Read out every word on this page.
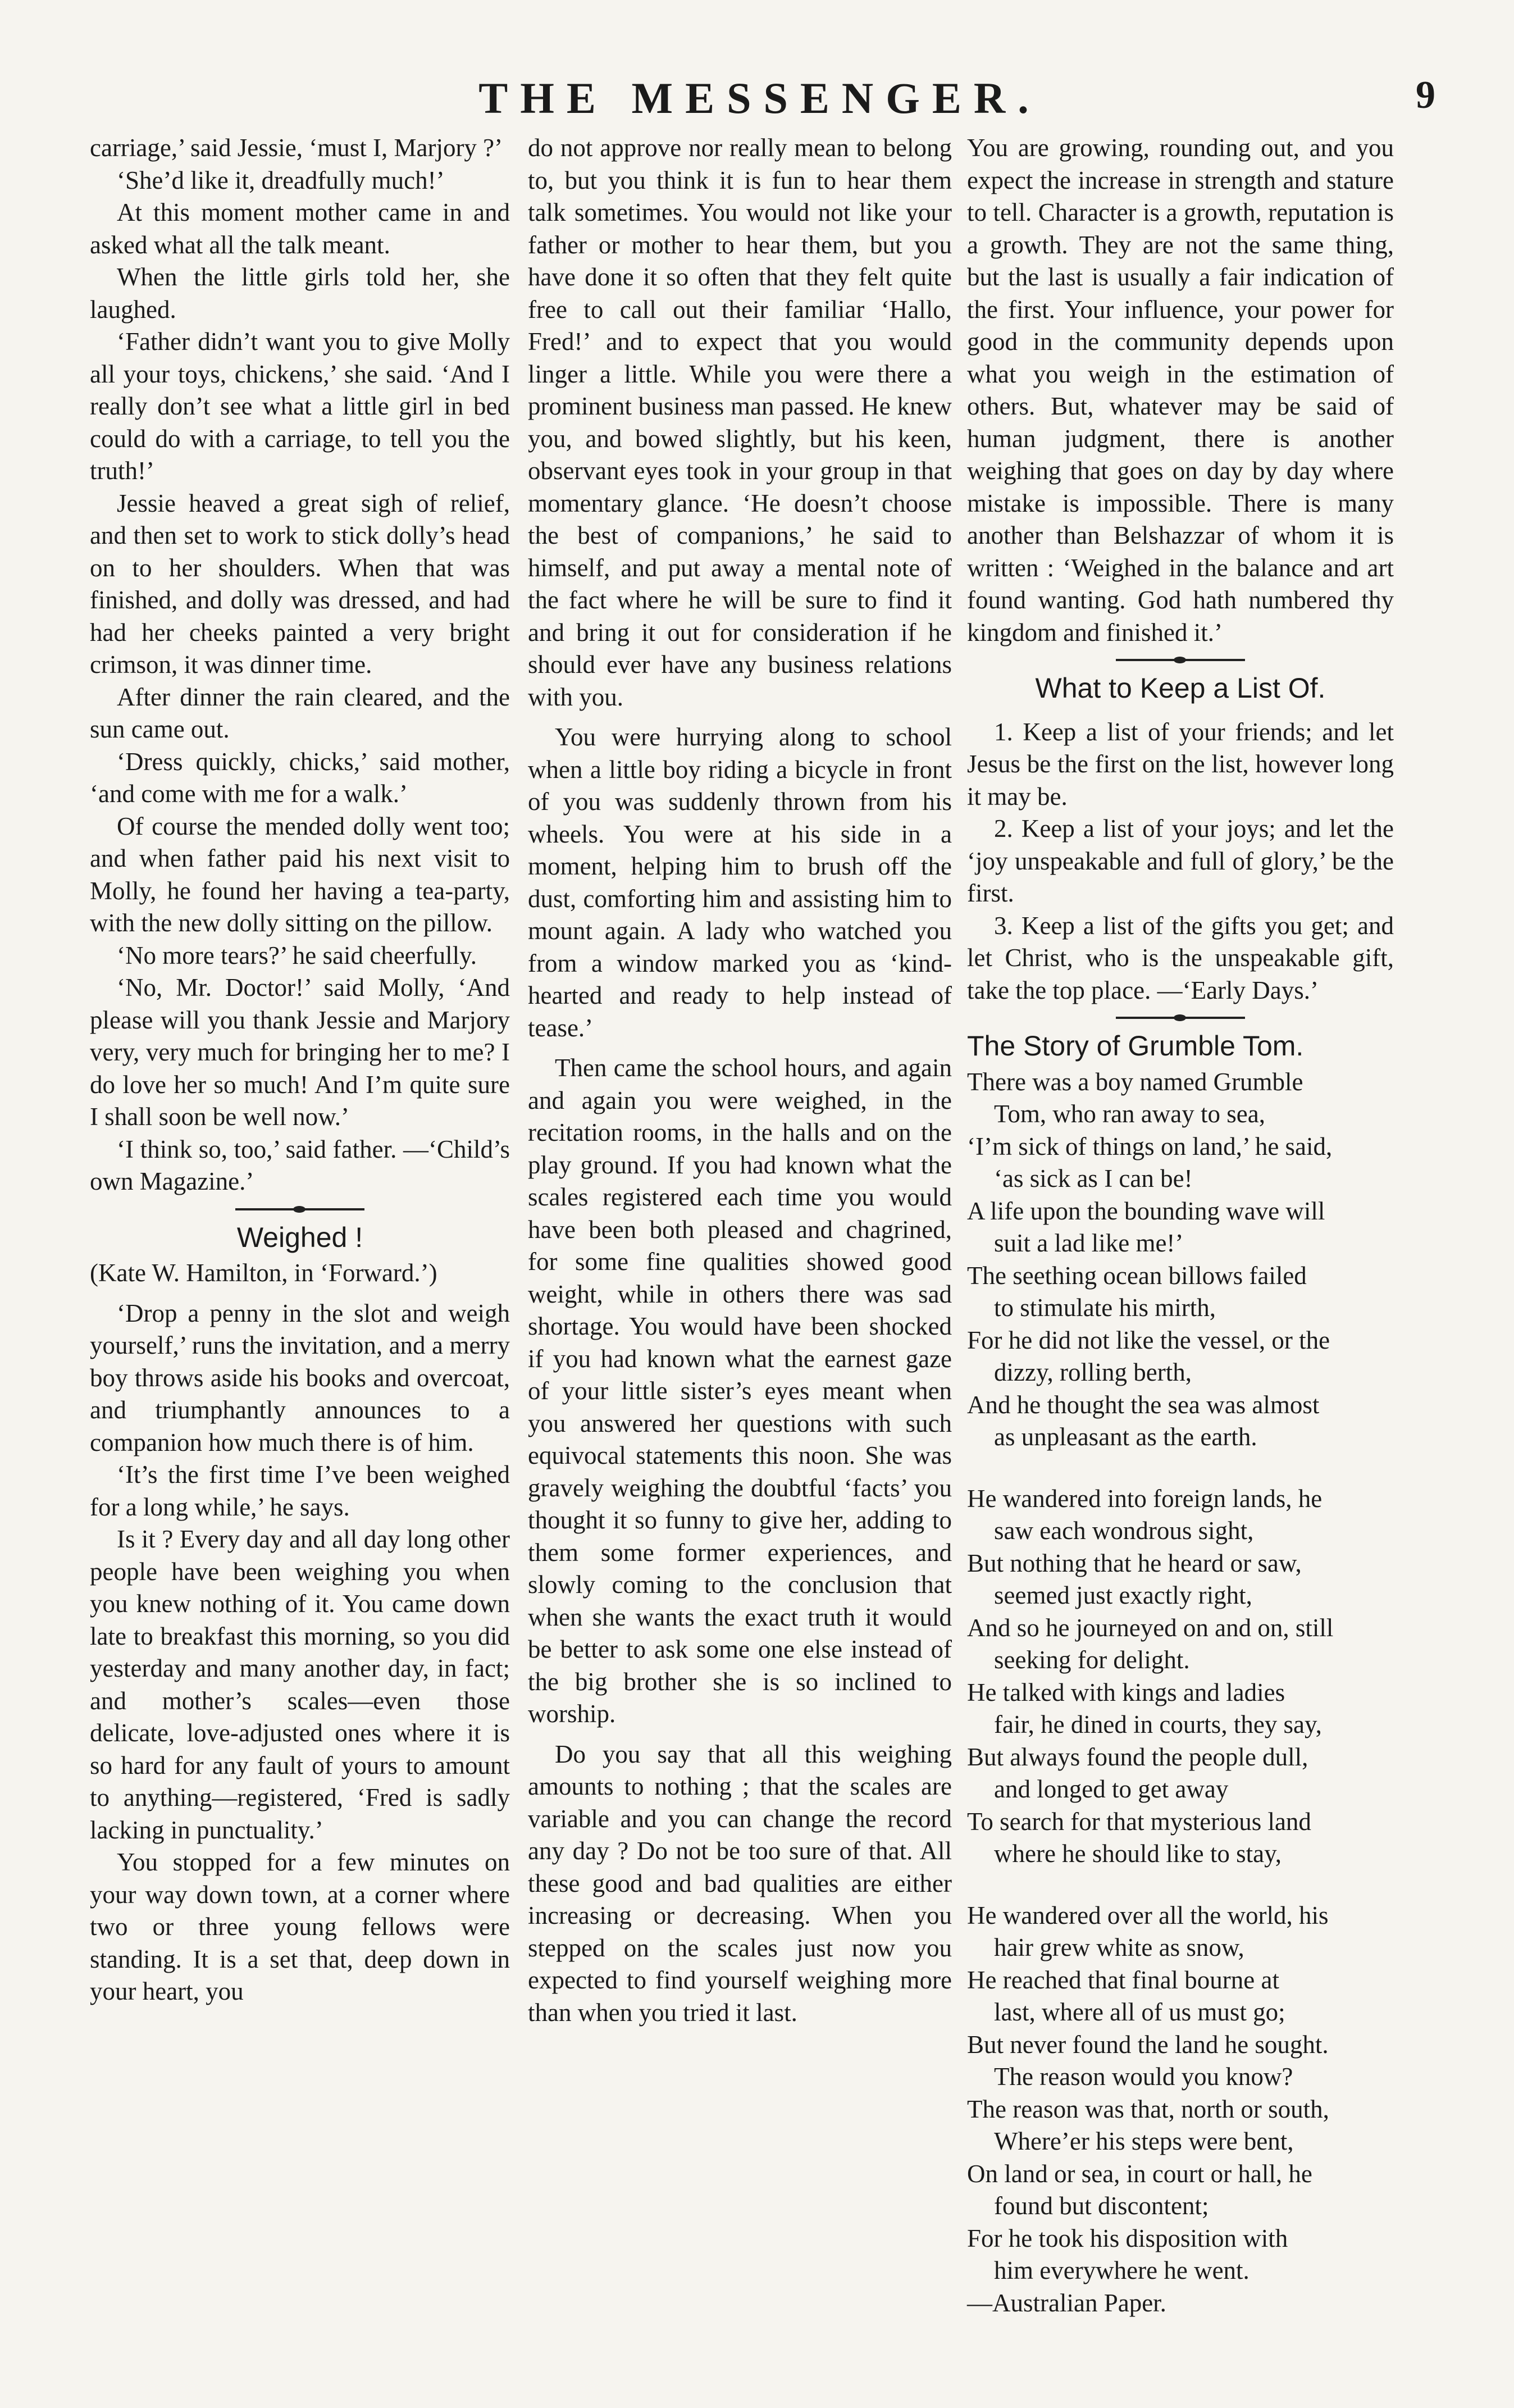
THE MESSENGER.	9

carriage,’ said Jessie, ‘must I, Marjory ?’

‘She’d like it, dreadfully much!’

At this moment mother came in and asked what all the talk meant.

When the little girls told her, she laughed.

‘Father didn’t want you to give Molly all your toys, chickens,’ she said. ‘And I really don’t see what a little girl in bed could do with a carriage, to tell you the truth!’

Jessie heaved a great sigh of relief, and then set to work to stick dolly’s head on to her shoulders. When that was finished, and dolly was dressed, and had had her cheeks painted a very bright crimson, it was dinner time.

After dinner the rain cleared, and the sun came out.

‘Dress quickly, chicks,’ said mother, ‘and come with me for a walk.’

Of course the mended dolly went too; and when father paid his next visit to Molly, he found her having a tea-party, with the new dolly sitting on the pillow.

‘No more tears?’ he said cheerfully.

‘No, Mr. Doctor!’ said Molly, ‘And please will you thank Jessie and Marjory very, very much for bringing her to me? I do love her so much! And I’m quite sure I shall soon be well now.’

‘I think so, too,’ said father. —‘Child’s own Magazine.’

Weighed !

(Kate W. Hamilton, in ‘Forward.’)

‘Drop a penny in the slot and weigh yourself,’ runs the invitation, and a merry boy throws aside his books and overcoat, and triumphantly announces to a companion how much there is of him.

‘It’s the first time I’ve been weighed for a long while,’ he says.

Is it ? Every day and all day long other people have been weighing you when you knew nothing of it. You came down late to breakfast this morning, so you did yesterday and many another day, in fact; and mother’s scales—even those delicate, love-adjusted ones where it is so hard for any fault of yours to amount to anything—registered, ‘Fred is sadly lacking in punctuality.’

You stopped for a few minutes on your way down town, at a corner where two or three young fellows were standing. It is a set that, deep down in your heart, you

do not approve nor really mean to belong to, but you think it is fun to hear them talk sometimes. You would not like your father or mother to hear them, but you have done it so often that they felt quite free to call out their familiar ‘Hallo, Fred!’ and to expect that you would linger a little. While you were there a prominent business man passed. He knew you, and bowed slightly, but his keen, observant eyes took in your group in that momentary glance. ‘He doesn’t choose the best of companions,’ he said to himself, and put away a mental note of the fact where he will be sure to find it and bring it out for consideration if he should ever have any business relations with you.

You were hurrying along to school when a little boy riding a bicycle in front of you was suddenly thrown from his wheels. You were at his side in a moment, helping him to brush off the dust, comforting him and assisting him to mount again. A lady who watched you from a window marked you as ‘kind-hearted and ready to help instead of tease.’

Then came the school hours, and again and again you were weighed, in the recitation rooms, in the halls and on the play ground. If you had known what the scales registered each time you would have been both pleased and chagrined, for some fine qualities showed good weight, while in others there was sad shortage. You would have been shocked if you had known what the earnest gaze of your little sister’s eyes meant when you answered her questions with such equivocal statements this noon. She was gravely weighing the doubtful ‘facts’ you thought it so funny to give her, adding to them some former experiences, and slowly coming to the conclusion that when she wants the exact truth it would be better to ask some one else instead of the big brother she is so inclined to worship.

Do you say that all this weighing amounts to nothing ; that the scales are variable and you can change the record any day ? Do not be too sure of that. All these good and bad qualities are either increasing or decreasing. When you stepped on the scales just now you expected to find yourself weighing more than when you tried it last.

You are growing, rounding out, and you expect the increase in strength and stature to tell. Character is a growth, reputation is a growth. They are not the same thing, but the last is usually a fair indication of the first. Your influence, your power for good in the community depends upon what you weigh in the estimation of others. But, whatever may be said of human judgment, there is another weighing that goes on day by day where mistake is impossible. There is many another than Belshazzar of whom it is written : ‘Weighed in the balance and art found wanting. God hath numbered thy kingdom and finished it.’

What to Keep a List Of.

1. Keep a list of your friends; and let Jesus be the first on the list, however long it may be.

2. Keep a list of your joys; and let the ‘joy unspeakable and full of glory,’ be the first.

3. Keep a list of the gifts you get; and let Christ, who is the unspeakable gift, take the top place. —‘Early Days.’

The Story of Grumble Tom.
There was a boy named Grumble
Tom, who ran away to sea,
‘I’m sick of things on land,’ he said,
‘as sick as I can be!
A life upon the bounding wave will
suit a lad like me!’
The seething ocean billows failed
to stimulate his mirth,
For he did not like the vessel, or the
dizzy, rolling berth,
And he thought the sea was almost
as unpleasant as the earth.
He wandered into foreign lands, he
saw each wondrous sight,
But nothing that he heard or saw,
seemed just exactly right,
And so he journeyed on and on, still
seeking for delight.
He talked with kings and ladies
fair, he dined in courts, they say,
But always found the people dull,
and longed to get away
To search for that mysterious land
where he should like to stay,
He wandered over all the world, his
hair grew white as snow,
He reached that final bourne at
last, where all of us must go;
But never found the land he sought.
The reason would you know?
The reason was that, north or south,
Where’er his steps were bent,
On land or sea, in court or hall, he
found but discontent;
For he took his disposition with
him everywhere he went.
—Australian Paper.
